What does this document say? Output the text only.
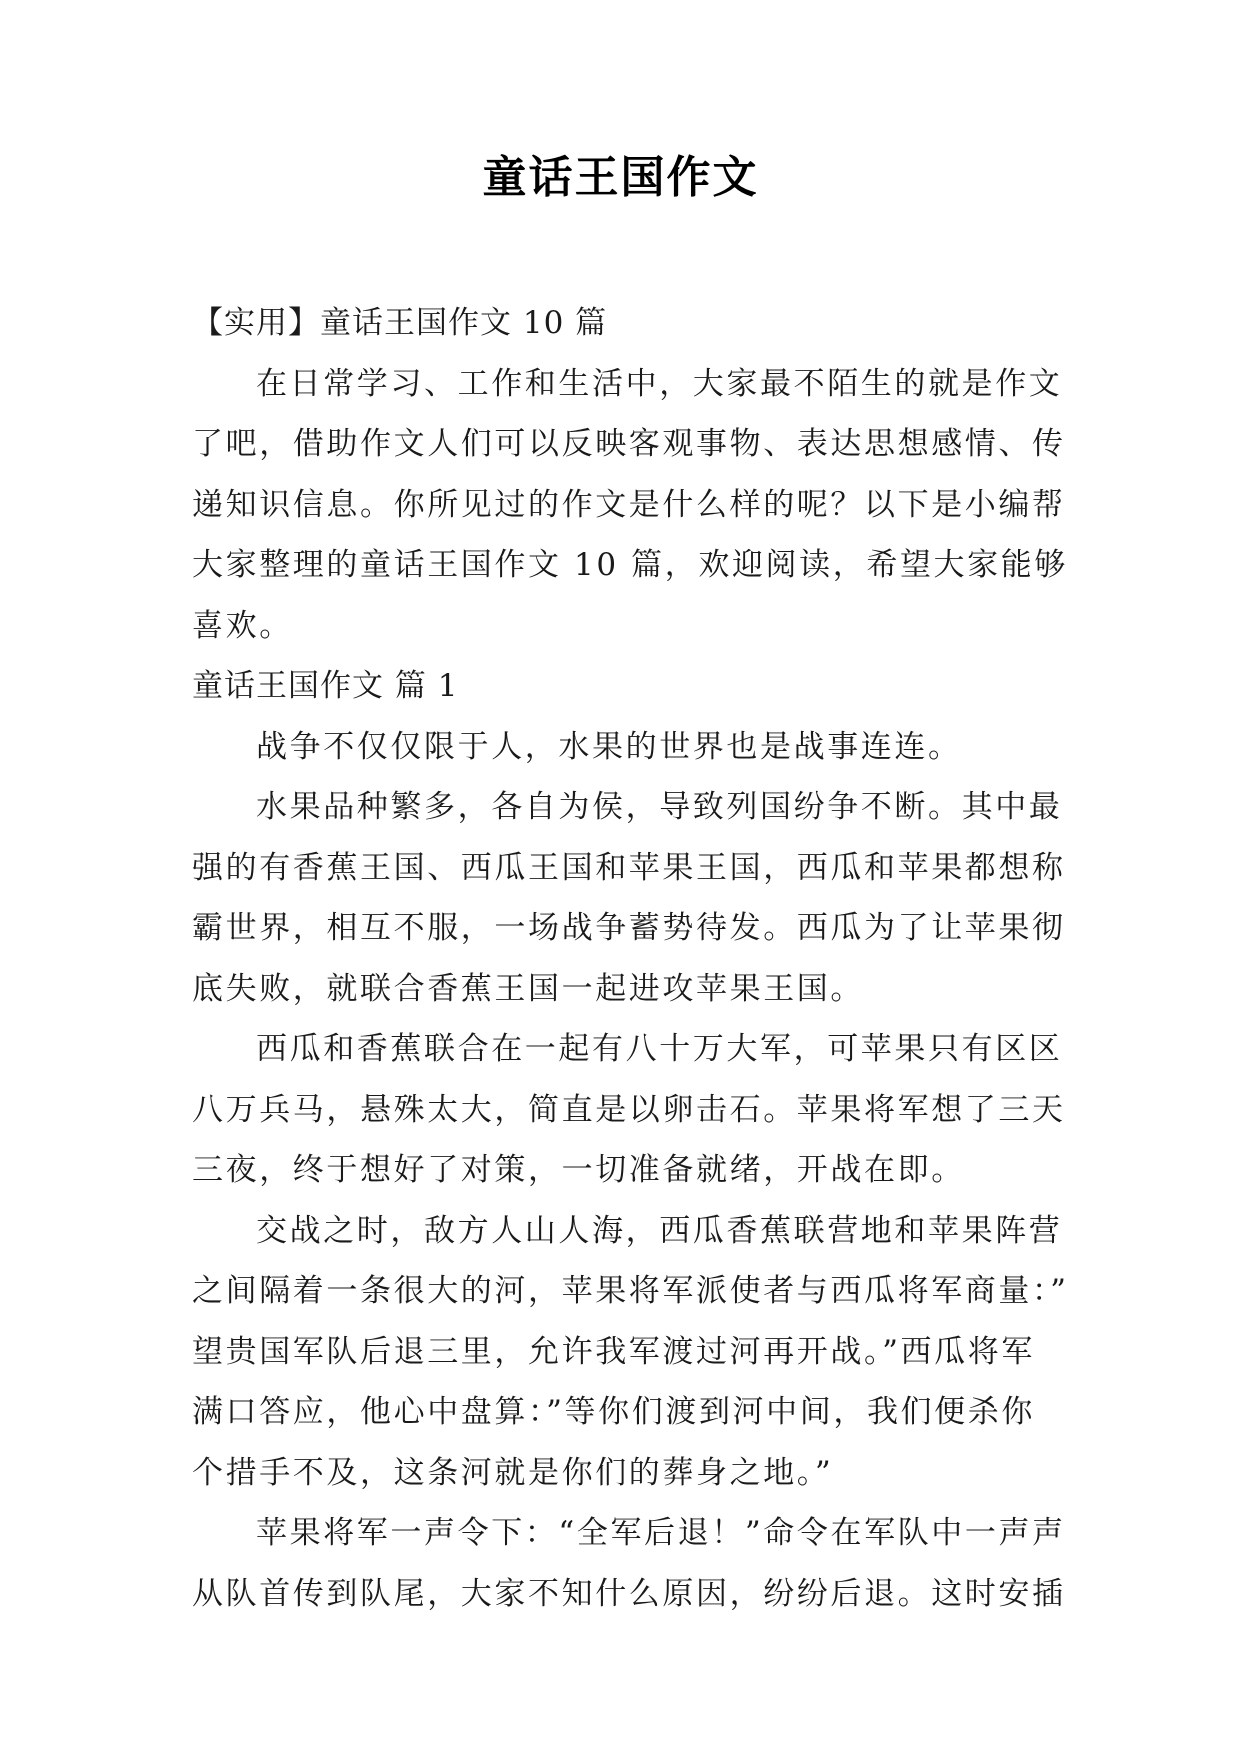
童话王国作文
【实用】童话王国作文 10 篇
在日常学习、工作和生活中，大家最不陌生的就是作文
了吧，借助作文人们可以反映客观事物、表达思想感情、传
递知识信息。你所见过的作文是什么样的呢？以下是小编帮
大家整理的童话王国作文 10 篇，欢迎阅读，希望大家能够
喜欢。
童话王国作文 篇 1
战争不仅仅限于人，水果的世界也是战事连连。
水果品种繁多，各自为侯，导致列国纷争不断。其中最
强的有香蕉王国、西瓜王国和苹果王国，西瓜和苹果都想称
霸世界，相互不服，一场战争蓄势待发。西瓜为了让苹果彻
底失败，就联合香蕉王国一起进攻苹果王国。
西瓜和香蕉联合在一起有八十万大军，可苹果只有区区
八万兵马，悬殊太大，简直是以卵击石。苹果将军想了三天
三夜，终于想好了对策，一切准备就绪，开战在即。
交战之时，敌方人山人海，西瓜香蕉联营地和苹果阵营
之间隔着一条很大的河，苹果将军派使者与西瓜将军商量：”
望贵国军队后退三里，允许我军渡过河再开战。”西瓜将军
满口答应，他心中盘算：”等你们渡到河中间，我们便杀你
个措手不及，这条河就是你们的葬身之地。”
苹果将军一声令下：“全军后退！”命令在军队中一声声
从队首传到队尾，大家不知什么原因，纷纷后退。这时安插
